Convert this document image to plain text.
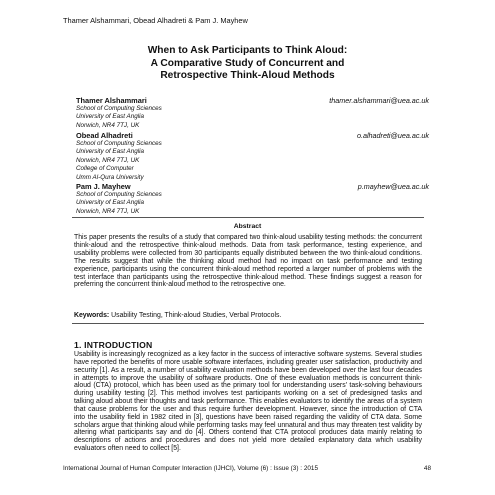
Thamer Alshammari, Obead Alhadreti & Pam J. Mayhew
When to Ask Participants to Think Aloud:
A Comparative Study of Concurrent and
Retrospective Think-Aloud Methods
Thamer Alshammari	thamer.alshammari@uea.ac.uk
School of Computing Sciences
University of East Anglia
Norwich, NR4 7TJ, UK
Obead Alhadreti	o.alhadreti@uea.ac.uk
School of Computing Sciences
University of East Anglia
Norwich, NR4 7TJ, UK
College of Computer
Umm Al-Qura University
Pam J. Mayhew	p.mayhew@uea.ac.uk
School of Computing Sciences
University of East Anglia
Norwich, NR4 7TJ, UK
Abstract
This paper presents the results of a study that compared two think-aloud usability testing methods: the concurrent think-aloud and the retrospective think-aloud methods. Data from task performance, testing experience, and usability problems were collected from 30 participants equally distributed between the two think-aloud conditions. The results suggest that while the thinking aloud method had no impact on task performance and testing experience, participants using the concurrent think-aloud method reported a larger number of problems with the test interface than participants using the retrospective think-aloud method. These findings suggest a reason for preferring the concurrent think-aloud method to the retrospective one.
Keywords: Usability Testing, Think-aloud Studies, Verbal Protocols.
1. INTRODUCTION
Usability is increasingly recognized as a key factor in the success of interactive software systems. Several studies have reported the benefits of more usable software interfaces, including greater user satisfaction, productivity and security [1]. As a result, a number of usability evaluation methods have been developed over the last four decades in attempts to improve the usability of software products. One of these evaluation methods is concurrent think-aloud (CTA) protocol, which has been used as the primary tool for understanding users' task-solving behaviours during usability testing [2]. This method involves test participants working on a set of predesigned tasks and talking aloud about their thoughts and task performance. This enables evaluators to identify the areas of a system that cause problems for the user and thus require further development. However, since the introduction of CTA into the usability field in 1982 cited in [3], questions have been raised regarding the validity of CTA data. Some scholars argue that thinking aloud while performing tasks may feel unnatural and thus may threaten test validity by altering what participants say and do [4]. Others contend that CTA protocol produces data mainly relating to descriptions of actions and procedures and does not yield more detailed explanatory data which usability evaluators often need to collect [5].
International Journal of Human Computer Interaction (IJHCI), Volume (6) : Issue (3) : 2015	48
